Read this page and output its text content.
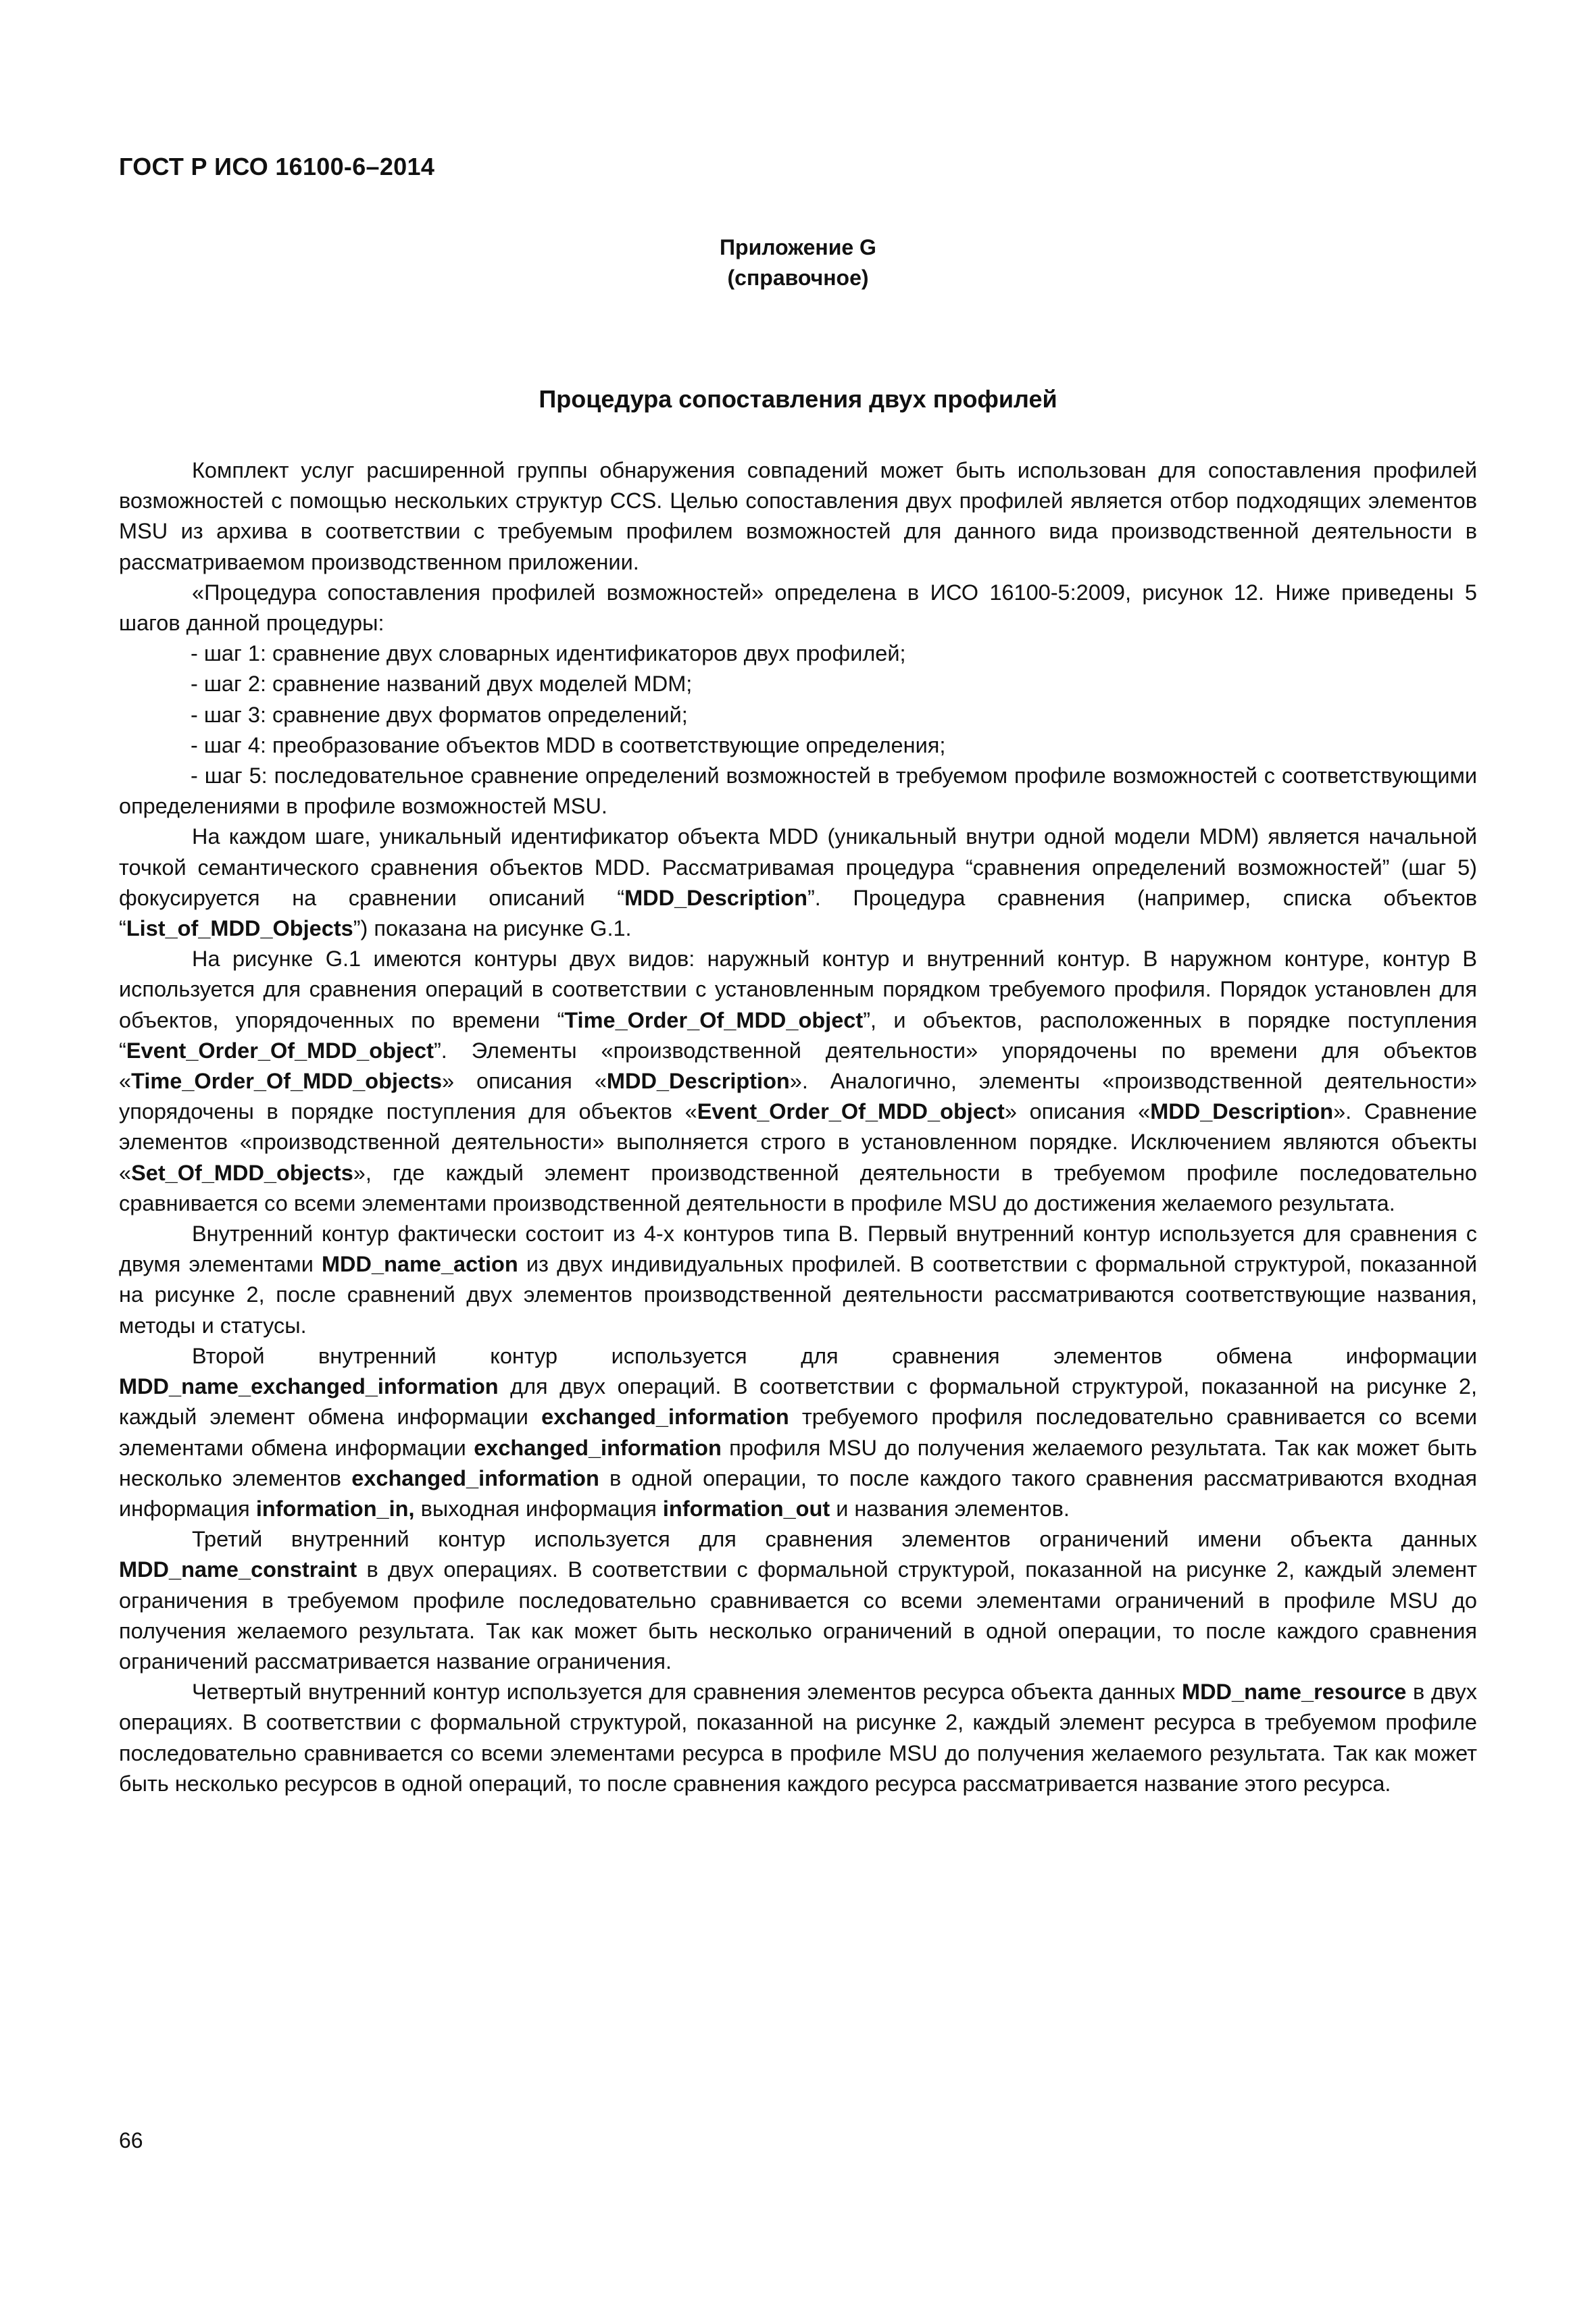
ГОСТ Р ИСО 16100-6–2014
Приложение G
(справочное)
Процедура сопоставления двух профилей

Комплект услуг расширенной группы обнаружения совпадений может быть использован для сопоставления профилей возможностей с помощью нескольких структур CCS. Целью сопоставления двух профилей является отбор подходящих элементов MSU из архива в соответствии с требуемым профилем возможностей для данного вида производственной деятельности в рассматриваемом производственном приложении.

«Процедура сопоставления профилей возможностей» определена в ИСО 16100-5:2009, рисунок 12. Ниже приведены 5 шагов данной процедуры:

- шаг 1: сравнение двух словарных идентификаторов двух профилей;

- шаг 2: сравнение названий двух моделей MDM;

- шаг 3: сравнение двух форматов определений;

- шаг 4: преобразование объектов MDD в соответствующие определения;

- шаг 5: последовательное сравнение определений возможностей в требуемом профиле возможностей с соответствующими определениями в профиле возможностей MSU.

На каждом шаге, уникальный идентификатор объекта MDD (уникальный внутри одной модели MDM) является начальной точкой семантического сравнения объектов MDD. Рассматривамая процедура “сравнения определений возможностей” (шаг 5) фокусируется на сравнении описаний “MDD_Description”. Процедура сравнения (например, списка объектов “List_of_MDD_Objects”) показана на рисунке G.1.

На рисунке G.1 имеются контуры двух видов: наружный контур и внутренний контур. В наружном контуре, контур B используется для сравнения операций в соответствии с установленным порядком требуемого профиля. Порядок установлен для объектов, упорядоченных по времени “Time_Order_Of_MDD_object”, и объектов, расположенных в порядке поступления “Event_Order_Of_MDD_object”. Элементы «производственной деятельности» упорядочены по времени для объектов «Time_Order_Of_MDD_objects» описания «MDD_Description». Аналогично, элементы «производственной деятельности» упорядочены в порядке поступления для объектов «Event_Order_Of_MDD_object» описания «MDD_Description». Сравнение элементов «производственной деятельности» выполняется строго в установленном порядке. Исключением являются объекты «Set_Of_MDD_objects», где каждый элемент производственной деятельности в требуемом профиле последовательно сравнивается со всеми элементами производственной деятельности в профиле MSU до достижения желаемого результата.

Внутренний контур фактически состоит из 4-х контуров типа B. Первый внутренний контур используется для сравнения с двумя элементами MDD_name_action из двух индивидуальных профилей. В соответствии с формальной структурой, показанной на рисунке 2, после сравнений двух элементов производственной деятельности рассматриваются соответствующие названия, методы и статусы.

Второй внутренний контур используется для сравнения элементов обмена информации MDD_name_exchanged_information для двух операций. В соответствии с формальной структурой, показанной на рисунке 2, каждый элемент обмена информации exchanged_information требуемого профиля последовательно сравнивается со всеми элементами обмена информации exchanged_information профиля MSU до получения желаемого результата. Так как может быть несколько элементов exchanged_information в одной операции, то после каждого такого сравнения рассматриваются входная информация information_in, выходная информация information_out и названия элементов.

Третий внутренний контур используется для сравнения элементов ограничений имени объекта данных MDD_name_constraint в двух операциях. В соответствии с формальной структурой, показанной на рисунке 2, каждый элемент ограничения в требуемом профиле последовательно сравнивается со всеми элементами ограничений в профиле MSU до получения желаемого результата. Так как может быть несколько ограничений в одной операции, то после каждого сравнения ограничений рассматривается название ограничения.

Четвертый внутренний контур используется для сравнения элементов ресурса объекта данных MDD_name_resource в двух операциях. В соответствии с формальной структурой, показанной на рисунке 2, каждый элемент ресурса в требуемом профиле последовательно сравнивается со всеми элементами ресурса в профиле MSU до получения желаемого результата. Так как может быть несколько ресурсов в одной операций, то после сравнения каждого ресурса рассматривается название этого ресурса.

66
